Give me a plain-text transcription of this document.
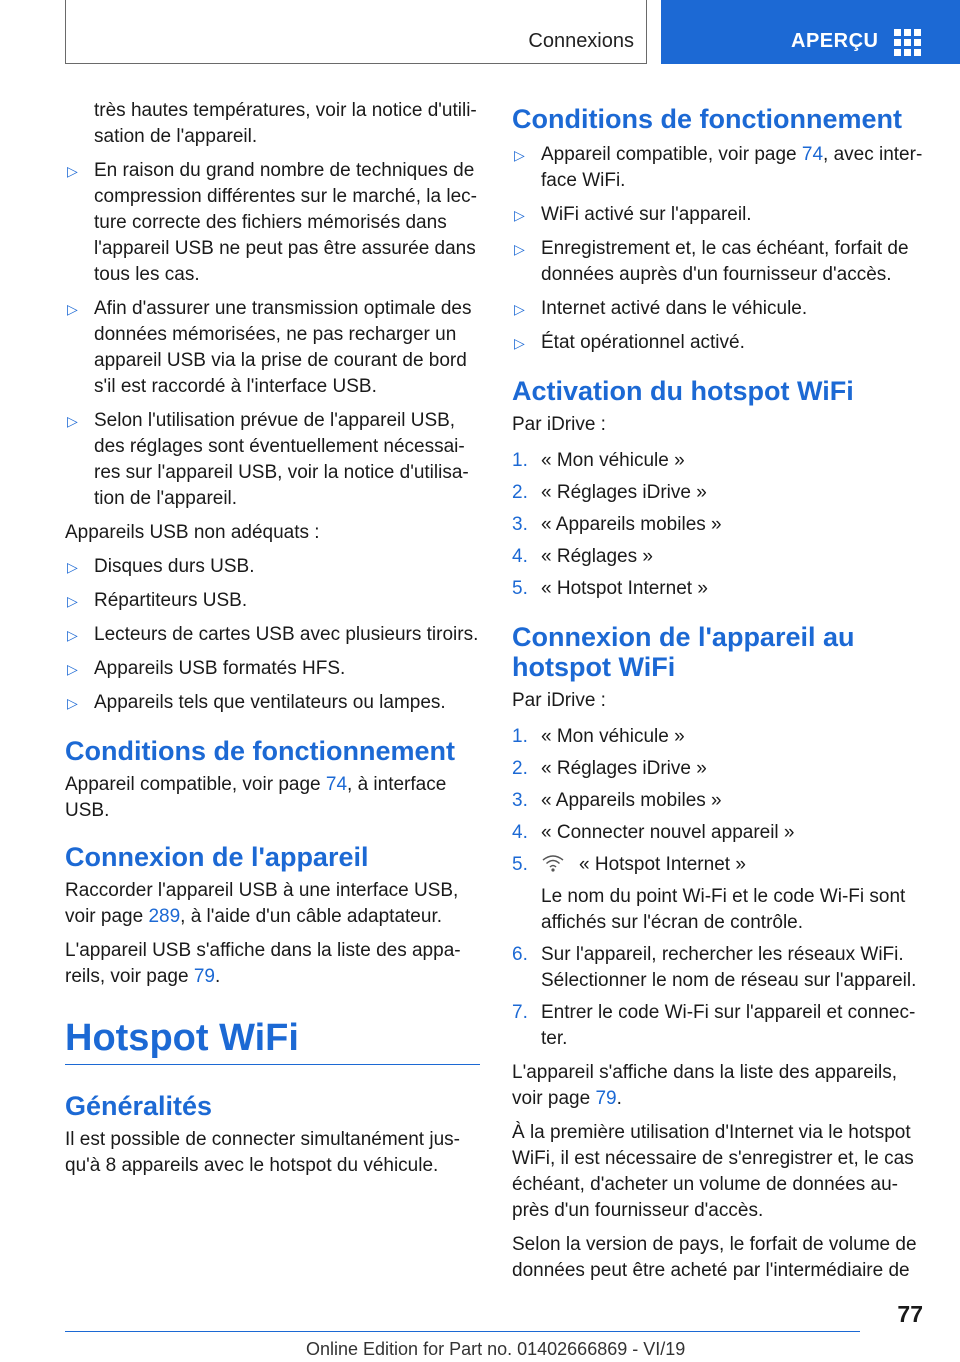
Connexions	APERÇU

très hautes températures, voir la notice d'utili-sation de l'appareil.

▷ En raison du grand nombre de techniques de compression différentes sur le marché, la lec-ture correcte des fichiers mémorisés dans l'appareil USB ne peut pas être assurée dans tous les cas.
▷ Afin d'assurer une transmission optimale des données mémorisées, ne pas recharger un appareil USB via la prise de courant de bord s'il est raccordé à l'interface USB.
▷ Selon l'utilisation prévue de l'appareil USB, des réglages sont éventuellement nécessai-res sur l'appareil USB, voir la notice d'utilisa-tion de l'appareil.

Appareils USB non adéquats :

▷ Disques durs USB.
▷ Répartiteurs USB.
▷ Lecteurs de cartes USB avec plusieurs tiroirs.
▷ Appareils USB formatés HFS.
▷ Appareils tels que ventilateurs ou lampes.
Conditions de fonctionnement

Appareil compatible, voir page 74, à interface USB.

Connexion de l'appareil

Raccorder l'appareil USB à une interface USB, voir page 289, à l'aide d'un câble adaptateur.

L'appareil USB s'affiche dans la liste des appa-reils, voir page 79.

Hotspot WiFi
Généralités

Il est possible de connecter simultanément jus-qu'à 8 appareils avec le hotspot du véhicule.

Conditions de fonctionnement
▷ Appareil compatible, voir page 74, avec inter-face WiFi.
▷ WiFi activé sur l'appareil.
▷ Enregistrement et, le cas échéant, forfait de données auprès d'un fournisseur d'accès.
▷ Internet activé dans le véhicule.
▷ État opérationnel activé.
Activation du hotspot WiFi

Par iDrive :

1. « Mon véhicule »
2. « Réglages iDrive »
3. « Appareils mobiles »
4. « Réglages »
5. « Hotspot Internet »
Connexion de l'appareil au hotspot WiFi

Par iDrive :

1. « Mon véhicule »
2. « Réglages iDrive »
3. « Appareils mobiles »
4. « Connecter nouvel appareil »
5.	« Hotspot Internet »

Le nom du point Wi-Fi et le code Wi-Fi sont affichés sur l'écran de contrôle.

6. Sur l'appareil, rechercher les réseaux WiFi. Sélectionner le nom de réseau sur l'appareil.
7. Entrer le code Wi-Fi sur l'appareil et connec-ter.

L'appareil s'affiche dans la liste des appareils, voir page 79.

À la première utilisation d'Internet via le hotspot WiFi, il est nécessaire de s'enregistrer et, le cas échéant, d'acheter un volume de données au-près d'un fournisseur d'accès.

Selon la version de pays, le forfait de volume de données peut être acheté par l'intermédiaire de

77
Online Edition for Part no. 01402666869 - VI/19
